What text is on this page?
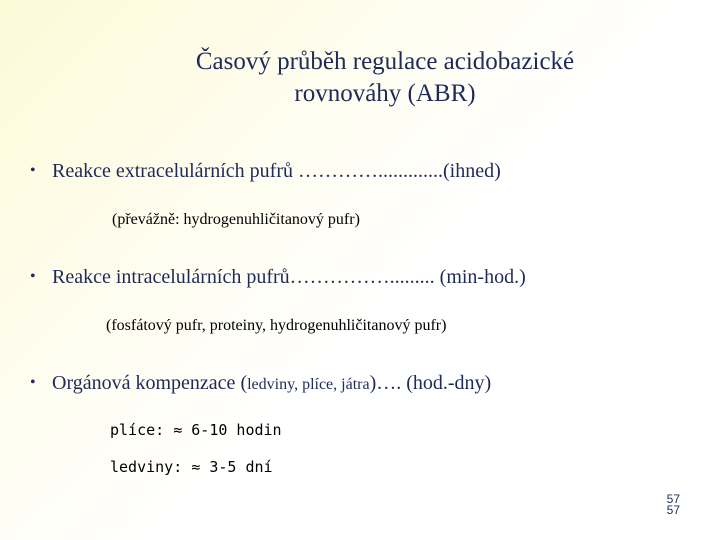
Časový průběh regulace acidobazické
rovnováhy (ABR)
• Reakce extracelulárních pufrů ………….............(ihned)
(převážně: hydrogenuhličitanový pufr)
• Reakce intracelulárních pufrů……………......... (min-hod.)
(fosfátový pufr, proteiny, hydrogenuhličitanový pufr)
• Orgánová kompenzace (ledviny, plíce, játra)…. (hod.-dny)
plíce: ≈ 6-10 hodin
ledviny: ≈ 3-5 dní
57
57
